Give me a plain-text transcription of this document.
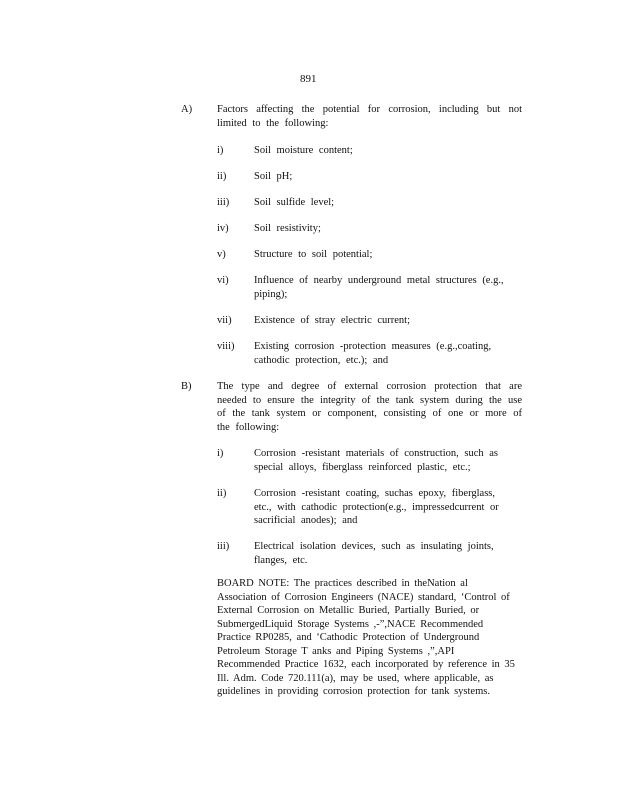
891
A) Factors affecting the potential for corrosion, including but not limited to the following:
i)	Soil moisture content;
ii)	Soil pH;
iii) Soil sulfide level;
iv) Soil resistivity;
v)	Structure to soil potential;
vi) Influence of nearby underground metal structures (e.g., piping);
vii) Existence of stray electric current;
viii) Existing corrosion -protection measures (e.g.,coating, cathodic protection, etc.); and
B) The type and degree of external corrosion protection that are needed to ensure the integrity of the tank system during the use of the tank system or component, consisting of one or more of the following:
i)	Corrosion -resistant materials of construction, such as special alloys, fiberglass reinforced plastic, etc.;
ii)	Corrosion -resistant coating, suchas epoxy, fiberglass, etc., with cathodic protection(e.g., impressedcurrent or sacrificial anodes); and
iii) Electrical isolation devices, such as insulating joints, flanges, etc.
BOARD NOTE: The practices described in theNation al
Association of Corrosion Engineers (NACE) standard, ‘Control of
External Corrosion on Metallic Buried, Partially Buried, or
SubmergedLiquid Storage Systems ,-”,NACE Recommended
Practice RP0285, and ‘Cathodic Protection of Underground
Petroleum Storage T anks and Piping Systems ,”,API
Recommended Practice 1632, each incorporated by reference in 35
Ill. Adm. Code 720.111(a), may be used, where applicable, as
guidelines in providing corrosion protection for tank systems.
